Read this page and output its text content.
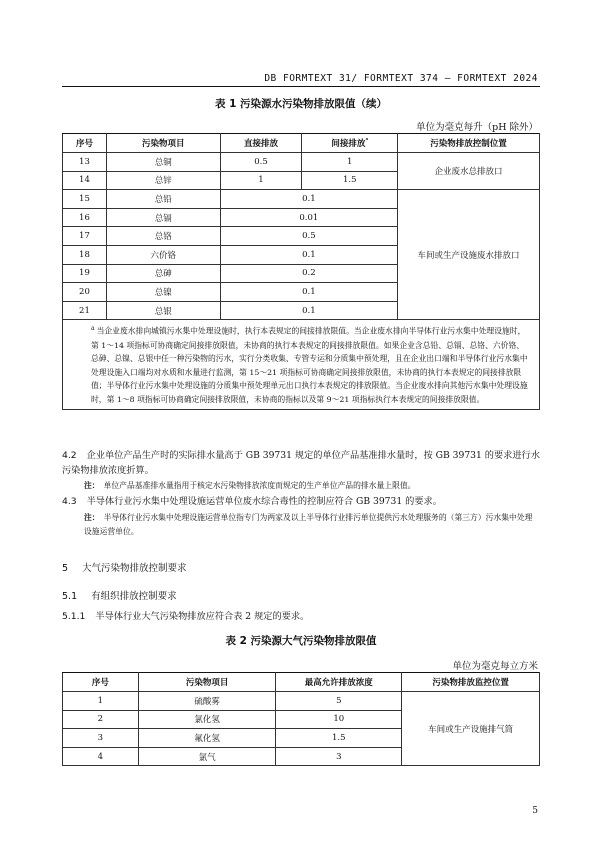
DB FORMTEXT 31/ FORMTEXT 374 — FORMTEXT 2024
表 1 污染源水污染物排放限值（续）
单位为毫克每升（pH 除外）
序号	污染物项目	直接排放	间接排放$^ᵃ$	污染物排放控制位置
13	总铜	0.5	1	企业废水总排放口
14	总锌	1	1.5	
15	总铅	0.1		车间或生产设施废水排放口
16	总镉	0.01		
17	总铬	0.5		
18	六价铬	0.1		
19	总砷	0.2		
20	总镍	0.1		
21	总银	0.1		
$^a$ 当企业废水排向城镇污水集中处理设施时，执行本表规定的间接排放限值。当企业废水排向半导体行业污水集中处理设施时，第 1～14 项指标可协商确定间接排放限值，未协商的执行本表规定的间接排放限值。如果企业含总铅、总镉、总铬、六价铬、总砷、总镍、总银中任一种污染物的污水，实行分类收集、专管专运和分质集中预处理，且在企业出口端和半导体行业污水集中处理设施入口端均对水质和水量进行监测，第 15～21 项指标可协商确定间接排放限值，未协商的执行本表规定的间接排放限值；半导体行业污水集中处理设施的分质集中预处理单元出口执行本表规定的排放限值。当企业废水排向其他污水集中处理设施时，第 1～8 项指标可协商确定间接排放限值，未协商的指标以及第 9～21 项指标执行本表规定的间接排放限值。				
4.2 企业单位产品生产时的实际排水量高于 GB 39731 规定的单位产品基准排水量时，按 GB 39731 的要求进行水污染物排放浓度折算。
注： 单位产品基准排水量指用于核定水污染物排放浓度而规定的生产单位产品的排水量上限值。
4.3 半导体行业污水集中处理设施运营单位废水综合毒性的控制应符合 GB 39731 的要求。
注： 半导体行业污水集中处理设施运营单位指专门为两家及以上半导体行业排污单位提供污水处理服务的（第三方）污水集中处理设施运营单位。
5 大气污染物排放控制要求
5.1 有组织排放控制要求
5.1.1 半导体行业大气污染物排放应符合表 2 规定的要求。
表 2 污染源大气污染物排放限值
单位为毫克每立方米
序号	污染物项目	最高允许排放浓度	污染物排放监控位置
1	硫酸雾	5	车间或生产设施排气筒
2	氯化氢	10	
3	氟化氢	1.5	
4	氯气	3	
5
